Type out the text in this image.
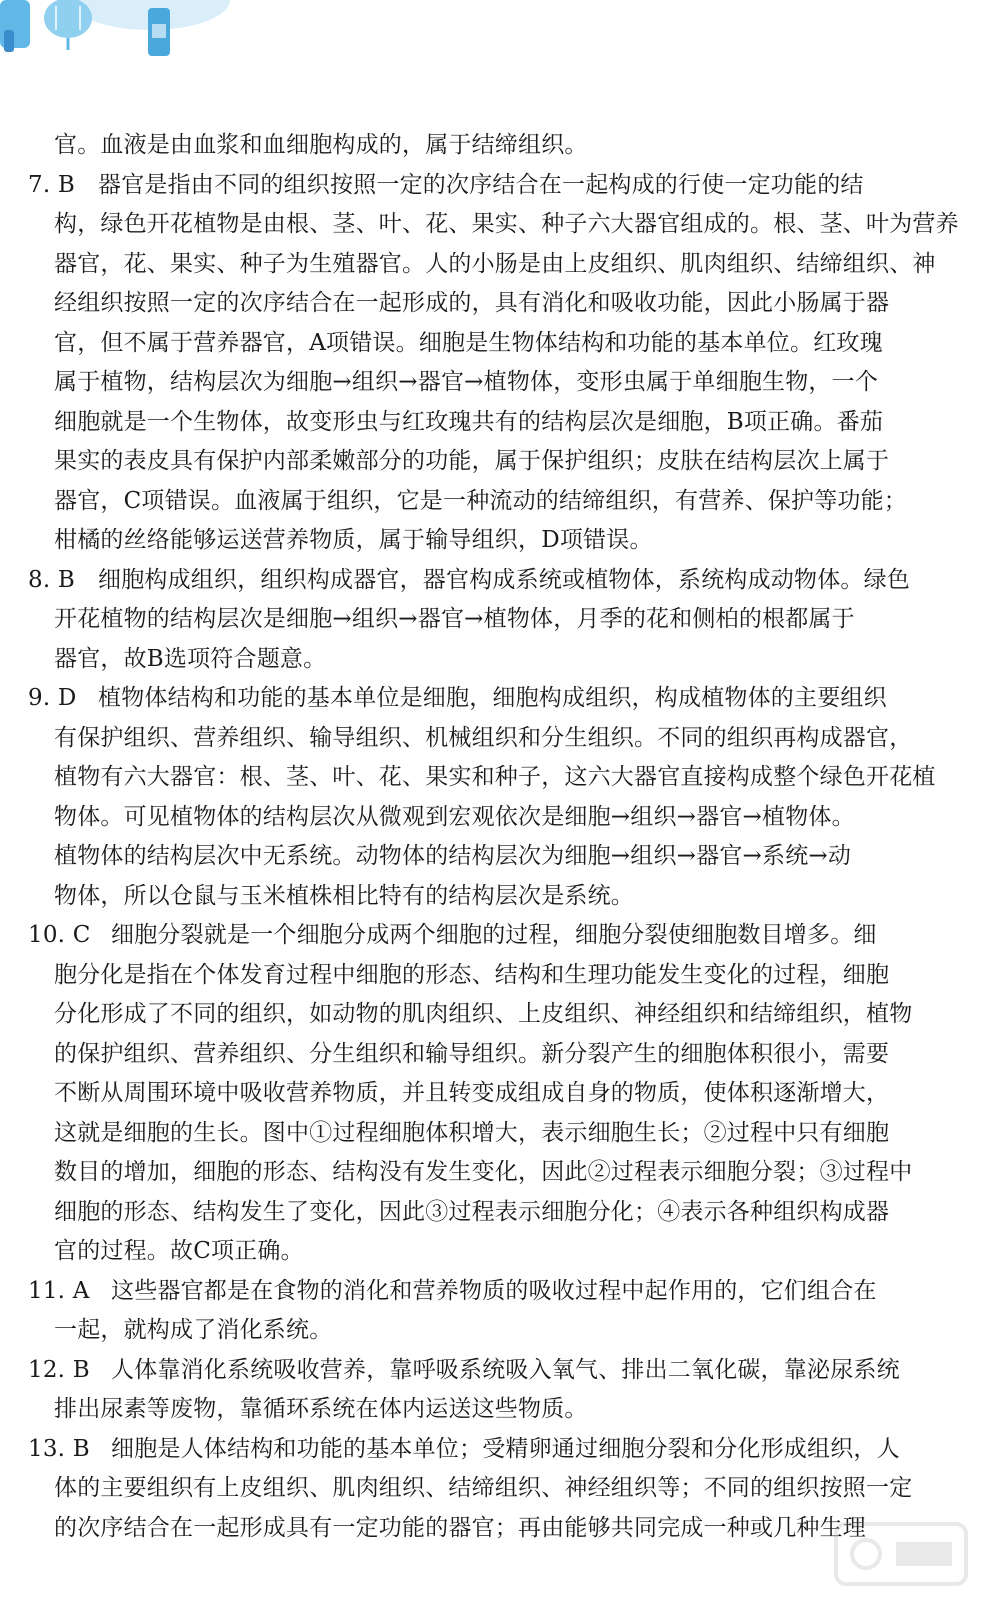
官。血液是由血浆和血细胞构成的，属于结缔组织。
7. B 器官是指由不同的组织按照一定的次序结合在一起构成的行使一定功能的结
构，绿色开花植物是由根、茎、叶、花、果实、种子六大器官组成的。根、茎、叶为营养
器官，花、果实、种子为生殖器官。人的小肠是由上皮组织、肌肉组织、结缔组织、神
经组织按照一定的次序结合在一起形成的，具有消化和吸收功能，因此小肠属于器
官，但不属于营养器官，A项错误。细胞是生物体结构和功能的基本单位。红玫瑰
属于植物，结构层次为细胞→组织→器官→植物体，变形虫属于单细胞生物，一个
细胞就是一个生物体，故变形虫与红玫瑰共有的结构层次是细胞，B项正确。番茄
果实的表皮具有保护内部柔嫩部分的功能，属于保护组织；皮肤在结构层次上属于
器官，C项错误。血液属于组织，它是一种流动的结缔组织，有营养、保护等功能；
柑橘的丝络能够运送营养物质，属于输导组织，D项错误。
8. B 细胞构成组织，组织构成器官，器官构成系统或植物体，系统构成动物体。绿色
开花植物的结构层次是细胞→组织→器官→植物体，月季的花和侧柏的根都属于
器官，故B选项符合题意。
9. D 植物体结构和功能的基本单位是细胞，细胞构成组织，构成植物体的主要组织
有保护组织、营养组织、输导组织、机械组织和分生组织。不同的组织再构成器官，
植物有六大器官：根、茎、叶、花、果实和种子，这六大器官直接构成整个绿色开花植
物体。可见植物体的结构层次从微观到宏观依次是细胞→组织→器官→植物体。
植物体的结构层次中无系统。动物体的结构层次为细胞→组织→器官→系统→动
物体，所以仓鼠与玉米植株相比特有的结构层次是系统。
10. C 细胞分裂就是一个细胞分成两个细胞的过程，细胞分裂使细胞数目增多。细
胞分化是指在个体发育过程中细胞的形态、结构和生理功能发生变化的过程，细胞
分化形成了不同的组织，如动物的肌肉组织、上皮组织、神经组织和结缔组织，植物
的保护组织、营养组织、分生组织和输导组织。新分裂产生的细胞体积很小，需要
不断从周围环境中吸收营养物质，并且转变成组成自身的物质，使体积逐渐增大，
这就是细胞的生长。图中①过程细胞体积增大，表示细胞生长；②过程中只有细胞
数目的增加，细胞的形态、结构没有发生变化，因此②过程表示细胞分裂；③过程中
细胞的形态、结构发生了变化，因此③过程表示细胞分化；④表示各种组织构成器
官的过程。故C项正确。
11. A 这些器官都是在食物的消化和营养物质的吸收过程中起作用的，它们组合在
一起，就构成了消化系统。
12. B 人体靠消化系统吸收营养，靠呼吸系统吸入氧气、排出二氧化碳，靠泌尿系统
排出尿素等废物，靠循环系统在体内运送这些物质。
13. B 细胞是人体结构和功能的基本单位；受精卵通过细胞分裂和分化形成组织，人
体的主要组织有上皮组织、肌肉组织、结缔组织、神经组织等；不同的组织按照一定
的次序结合在一起形成具有一定功能的器官；再由能够共同完成一种或几种生理
